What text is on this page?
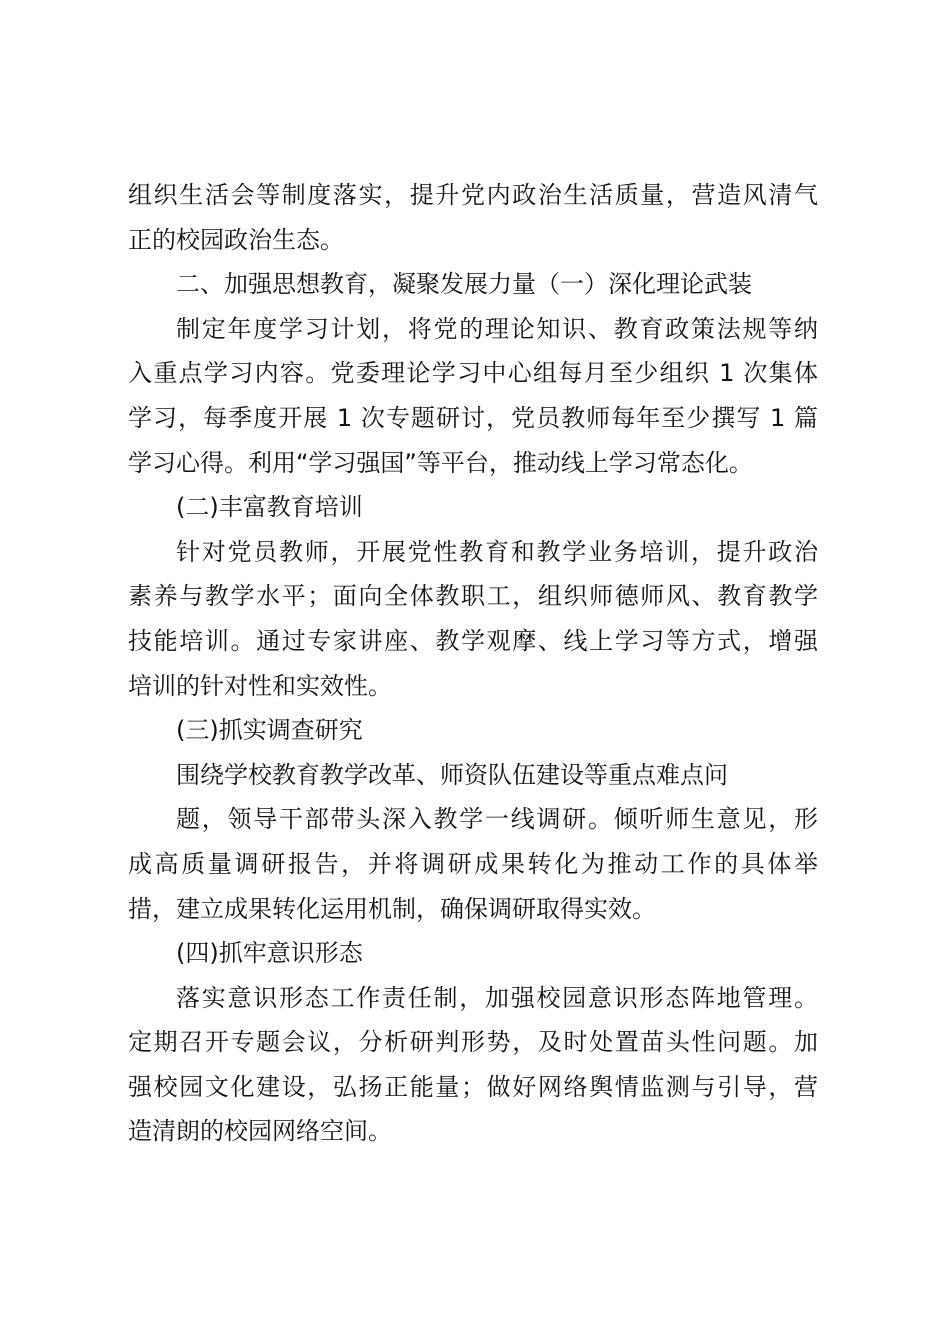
组织生活会等制度落实，提升党内政治生活质量，营造风清气
正的校园政治生态。
二、加强思想教育，凝聚发展力量（一）深化理论武装
制定年度学习计划，将党的理论知识、教育政策法规等纳
入重点学习内容。党委理论学习中心组每月至少组织 1 次集体
学习，每季度开展 1 次专题研讨，党员教师每年至少撰写 1 篇
学习心得。利用“学习强国”等平台，推动线上学习常态化。
(二)丰富教育培训
针对党员教师，开展党性教育和教学业务培训，提升政治
素养与教学水平；面向全体教职工，组织师德师风、教育教学
技能培训。通过专家讲座、教学观摩、线上学习等方式，增强
培训的针对性和实效性。
(三)抓实调查研究
围绕学校教育教学改革、师资队伍建设等重点难点问
题，领导干部带头深入教学一线调研。倾听师生意见，形
成高质量调研报告，并将调研成果转化为推动工作的具体举
措，建立成果转化运用机制，确保调研取得实效。
(四)抓牢意识形态
落实意识形态工作责任制，加强校园意识形态阵地管理。
定期召开专题会议，分析研判形势，及时处置苗头性问题。加
强校园文化建设，弘扬正能量；做好网络舆情监测与引导，营
造清朗的校园网络空间。
